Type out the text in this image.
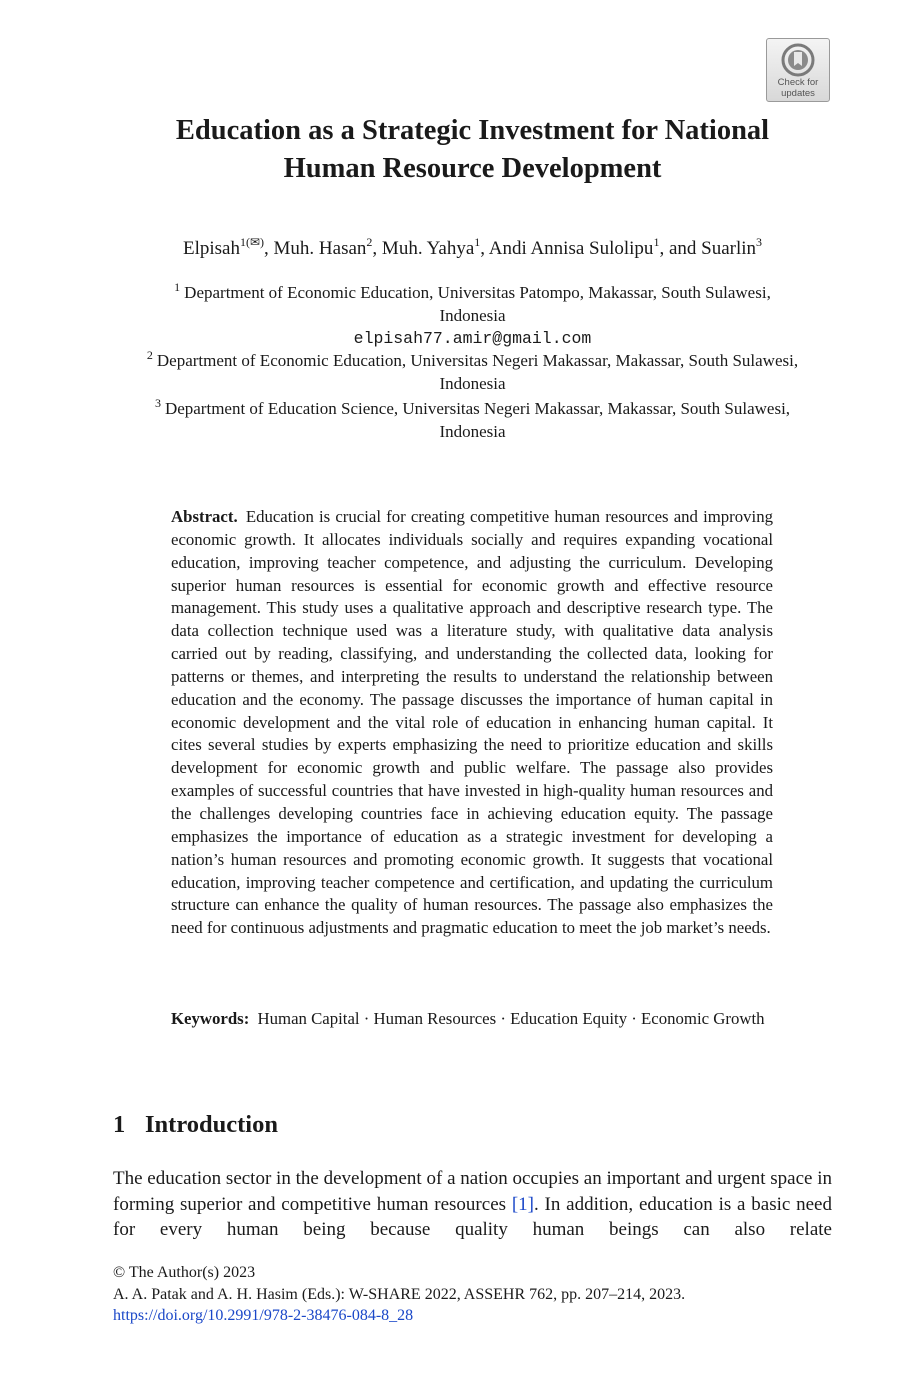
Check for
updates
Education as a Strategic Investment for National
Human Resource Development
Elpisah$^{1(✉)}$, Muh. Hasan$^2$, Muh. Yahya$^1$, Andi Annisa Sulolipu$^1$, and Suarlin$^3$
$^1$ Department of Economic Education, Universitas Patompo, Makassar, South Sulawesi,
Indonesia
elpisah77.amir@gmail.com
$^2$ Department of Economic Education, Universitas Negeri Makassar, Makassar, South Sulawesi,
Indonesia
$^3$ Department of Education Science, Universitas Negeri Makassar, Makassar, South Sulawesi,
Indonesia
Abstract. Education is crucial for creating competitive human resources and improving economic growth. It allocates individuals socially and requires expanding vocational education, improving teacher competence, and adjusting the curriculum. Developing superior human resources is essential for economic growth and effective resource management. This study uses a qualitative approach and descriptive research type. The data collection technique used was a literature study, with qualitative data analysis carried out by reading, classifying, and understanding the collected data, looking for patterns or themes, and interpreting the results to understand the relationship between education and the economy. The passage discusses the importance of human capital in economic development and the vital role of education in enhancing human capital. It cites several studies by experts emphasizing the need to prioritize education and skills development for economic growth and public welfare. The passage also provides examples of successful countries that have invested in high-quality human resources and the challenges developing countries face in achieving education equity. The passage emphasizes the importance of education as a strategic investment for developing a nation’s human resources and promoting economic growth. It suggests that vocational education, improving teacher competence and certification, and updating the curriculum structure can enhance the quality of human resources. The passage also emphasizes the need for continuous adjustments and pragmatic education to meet the job market’s needs.
Keywords: Human Capital · Human Resources · Education Equity · Economic Growth
1 Introduction
The education sector in the development of a nation occupies an important and urgent space in forming superior and competitive human resources [1]. In addition, education is a basic need for every human being because quality human beings can also relate
© The Author(s) 2023
A. A. Patak and A. H. Hasim (Eds.): W-SHARE 2022, ASSEHR 762, pp. 207–214, 2023.
https://doi.org/10.2991/978-2-38476-084-8_28
